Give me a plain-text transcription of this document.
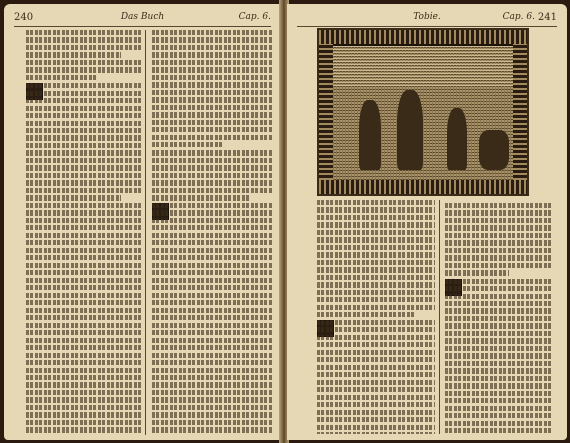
240	Das Buch	Cap. 6.	Tobie.	Cap. 6. 241
